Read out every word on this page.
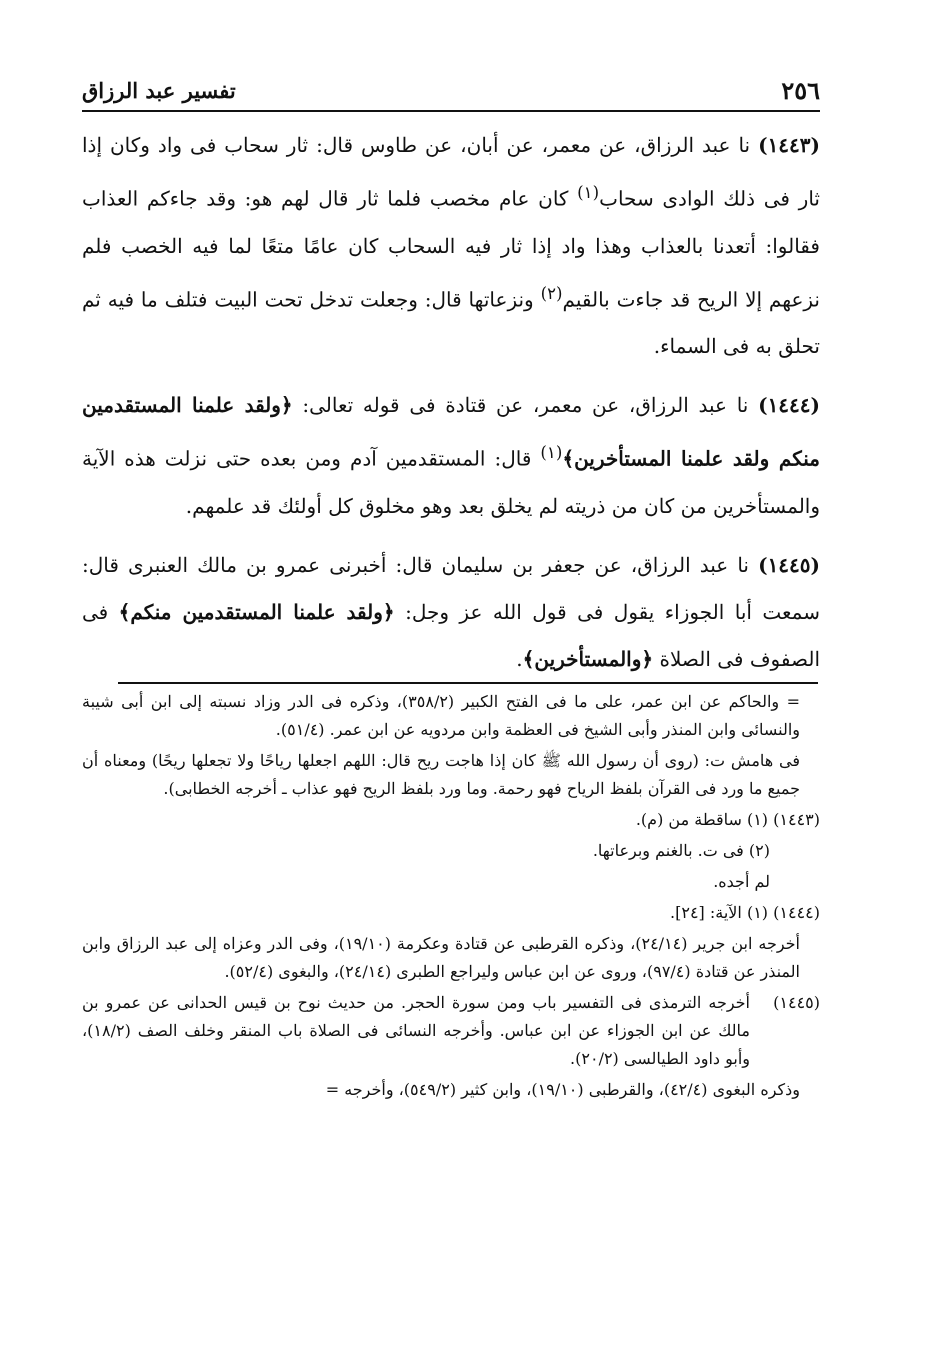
٢٥٦
تفسير عبد الرزاق

(١٤٤٣) نا عبد الرزاق، عن معمر، عن أبان، عن طاوس قال: ثار سحاب فى واد وكان إذا ثار فى ذلك الوادى سحاب$^{(١)}$ كان عام مخصب فلما ثار قال لهم هو: وقد جاءكم العذاب فقالوا: أتعدنا بالعذاب وهذا واد إذا ثار فيه السحاب كان عامًا متعًا لما فيه الخصب فلم نزعهم إلا الريح قد جاءت بالقيم$^{(٢)}$ ونزعاتها قال: وجعلت تدخل تحت البيت فتلف ما فيه ثم تحلق به فى السماء.

(١٤٤٤) نا عبد الرزاق، عن معمر، عن قتادة فى قوله تعالى: ﴿ولقد علمنا المستقدمين منكم ولقد علمنا المستأخرين﴾$^{(١)}$ قال: المستقدمين آدم ومن بعده حتى نزلت هذه الآية والمستأخرين من كان من ذريته لم يخلق بعد وهو مخلوق كل أولئك قد علمهم.

(١٤٤٥) نا عبد الرزاق، عن جعفر بن سليمان قال: أخبرنى عمرو بن مالك العنبرى قال: سمعت أبا الجوزاء يقول فى قول الله عز وجل: ﴿ولقد علمنا المستقدمين منكم﴾ فى الصفوف فى الصلاة ﴿والمستأخرين﴾.

= والحاكم عن ابن عمر، على ما فى الفتح الكبير (٣٥٨/٢)، وذكره فى الدر وزاد نسبته إلى ابن أبى شيبة والنسائى وابن المنذر وأبى الشيخ فى العظمة وابن مردويه عن ابن عمر. (٥١/٤).

فى هامش ت: (روى أن رسول الله ﷺ كان إذا هاجت ريح قال: اللهم اجعلها رياحًا ولا تجعلها ريحًا) ومعناه أن جميع ما ورد فى القرآن بلفظ الرياح فهو رحمة. وما ورد بلفظ الريح فهو عذاب ـ أخرجه الخطابى).

(١٤٤٣) (١) ساقطة من (م).

(٢) فى ت. بالغنم وبرعاتها.

لم أجده.

(١٤٤٤) (١) الآية: [٢٤].

أخرجه ابن جرير (٢٤/١٤)، وذكره القرطبى عن قتادة وعكرمة (١٩/١٠)، وفى الدر وعزاه إلى عبد الرزاق وابن المنذر عن قتادة (٩٧/٤)، وروى عن ابن عباس وليراجع الطبرى (٢٤/١٤)، والبغوى (٥٢/٤).

(١٤٤٥)
أخرجه الترمذى فى التفسير باب ومن سورة الحجر. من حديث نوح بن قيس الحدانى عن عمرو بن مالك عن ابن الجوزاء عن ابن عباس. وأخرجه النسائى فى الصلاة باب المنقر وخلف الصف (١٨/٢)، وأبو داود الطيالسى (٢٠/٢).

وذكره البغوى (٤٢/٤)، والقرطبى (١٩/١٠)، وابن كثير (٥٤٩/٢)، وأخرجه =
